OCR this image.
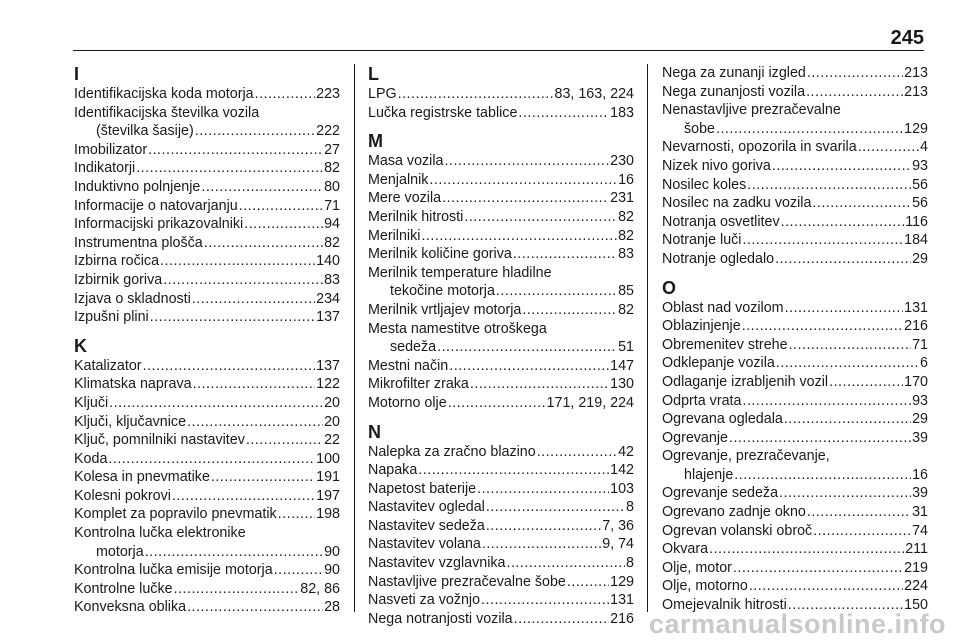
245
I
Identifikacijska koda motorja .....	223
Identifikacijska številka vozila
(številka šasije) .....	222
Imobilizator .....	27
Indikatorji .....	82
Induktivno polnjenje .....	80
Informacije o natovarjanju .....	71
Informacijski prikazovalniki .....	94
Instrumentna plošča .....	82
Izbirna ročica .....	140
Izbirnik goriva .....	83
Izjava o skladnosti .....	234
Izpušni plini .....	137
K
Katalizator .....	137
Klimatska naprava .....	122
Ključi .....	20
Ključi, ključavnice .....	20
Ključ, pomnilniki nastavitev .....	22
Koda .....	100
Kolesa in pnevmatike .....	191
Kolesni pokrovi .....	197
Komplet za popravilo pnevmatik .....	198
Kontrolna lučka elektronike
motorja .....	90
Kontrolna lučka emisije motorja .....	90
Kontrolne lučke .....	82, 86
Konveksna oblika .....	28
L
LPG .....	83, 163, 224
Lučka registrske tablice .....	183
M
Masa vozila .....	230
Menjalnik .....	16
Mere vozila .....	231
Merilnik hitrosti .....	82
Merilniki .....	82
Merilnik količine goriva .....	83
Merilnik temperature hladilne
tekočine motorja .....	85
Merilnik vrtljajev motorja .....	82
Mesta namestitve otroškega
sedeža .....	51
Mestni način .....	147
Mikrofilter zraka .....	130
Motorno olje .....	171, 219, 224
N
Nalepka za zračno blazino .....	42
Napaka .....	142
Napetost baterije .....	103
Nastavitev ogledal .....	8
Nastavitev sedeža .....	7, 36
Nastavitev volana .....	9, 74
Nastavitev vzglavnika .....	8
Nastavljive prezračevalne šobe .....	129
Nasveti za vožnjo .....	131
Nega notranjosti vozila .....	216
Nega za zunanji izgled .....	213
Nega zunanjosti vozila .....	213
Nenastavljive prezračevalne
šobe .....	129
Nevarnosti, opozorila in svarila .....	4
Nizek nivo goriva .....	93
Nosilec koles .....	56
Nosilec na zadku vozila .....	56
Notranja osvetlitev .....	116
Notranje luči .....	184
Notranje ogledalo .....	29
O
Oblast nad vozilom .....	131
Oblazinjenje .....	216
Obremenitev strehe .....	71
Odklepanje vozila .....	6
Odlaganje izrabljenih vozil .....	170
Odprta vrata .....	93
Ogrevana ogledala .....	29
Ogrevanje .....	39
Ogrevanje, prezračevanje,
hlajenje .....	16
Ogrevanje sedeža .....	39
Ogrevano zadnje okno .....	31
Ogrevan volanski obroč .....	74
Okvara .....	211
Olje, motor .....	219
Olje, motorno .....	224
Omejevalnik hitrosti .....	150
carmanualsonline.info
